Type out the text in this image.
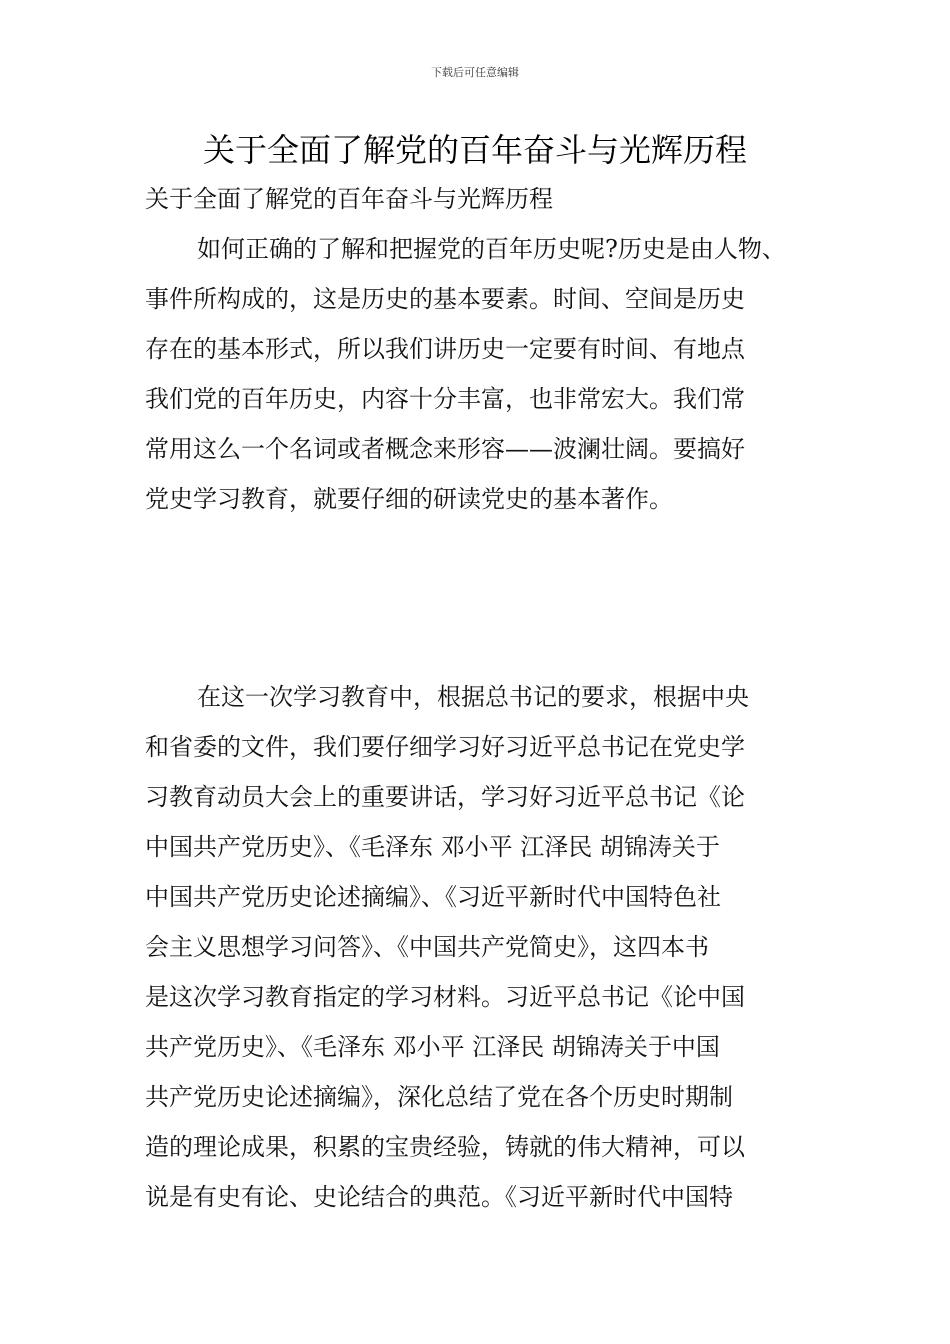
下载后可任意编辑
关于全面了解党的百年奋斗与光辉历程
关于全面了解党的百年奋斗与光辉历程
如何正确的了解和把握党的百年历史呢?历史是由人物、
事件所构成的，这是历史的基本要素。时间、空间是历史
存在的基本形式，所以我们讲历史一定要有时间、有地点
我们党的百年历史，内容十分丰富，也非常宏大。我们常
常用这么一个名词或者概念来形容——波澜壮阔。要搞好
党史学习教育，就要仔细的研读党史的基本著作。
在这一次学习教育中，根据总书记的要求，根据中央
和省委的文件，我们要仔细学习好习近平总书记在党史学
习教育动员大会上的重要讲话，学习好习近平总书记《论
中国共产党历史》、《毛泽东 邓小平 江泽民 胡锦涛关于
中国共产党历史论述摘编》、《习近平新时代中国特色社
会主义思想学习问答》、《中国共产党简史》，这四本书
是这次学习教育指定的学习材料。习近平总书记《论中国
共产党历史》、《毛泽东 邓小平 江泽民 胡锦涛关于中国
共产党历史论述摘编》，深化总结了党在各个历史时期制
造的理论成果，积累的宝贵经验，铸就的伟大精神，可以
说是有史有论、史论结合的典范。《习近平新时代中国特
